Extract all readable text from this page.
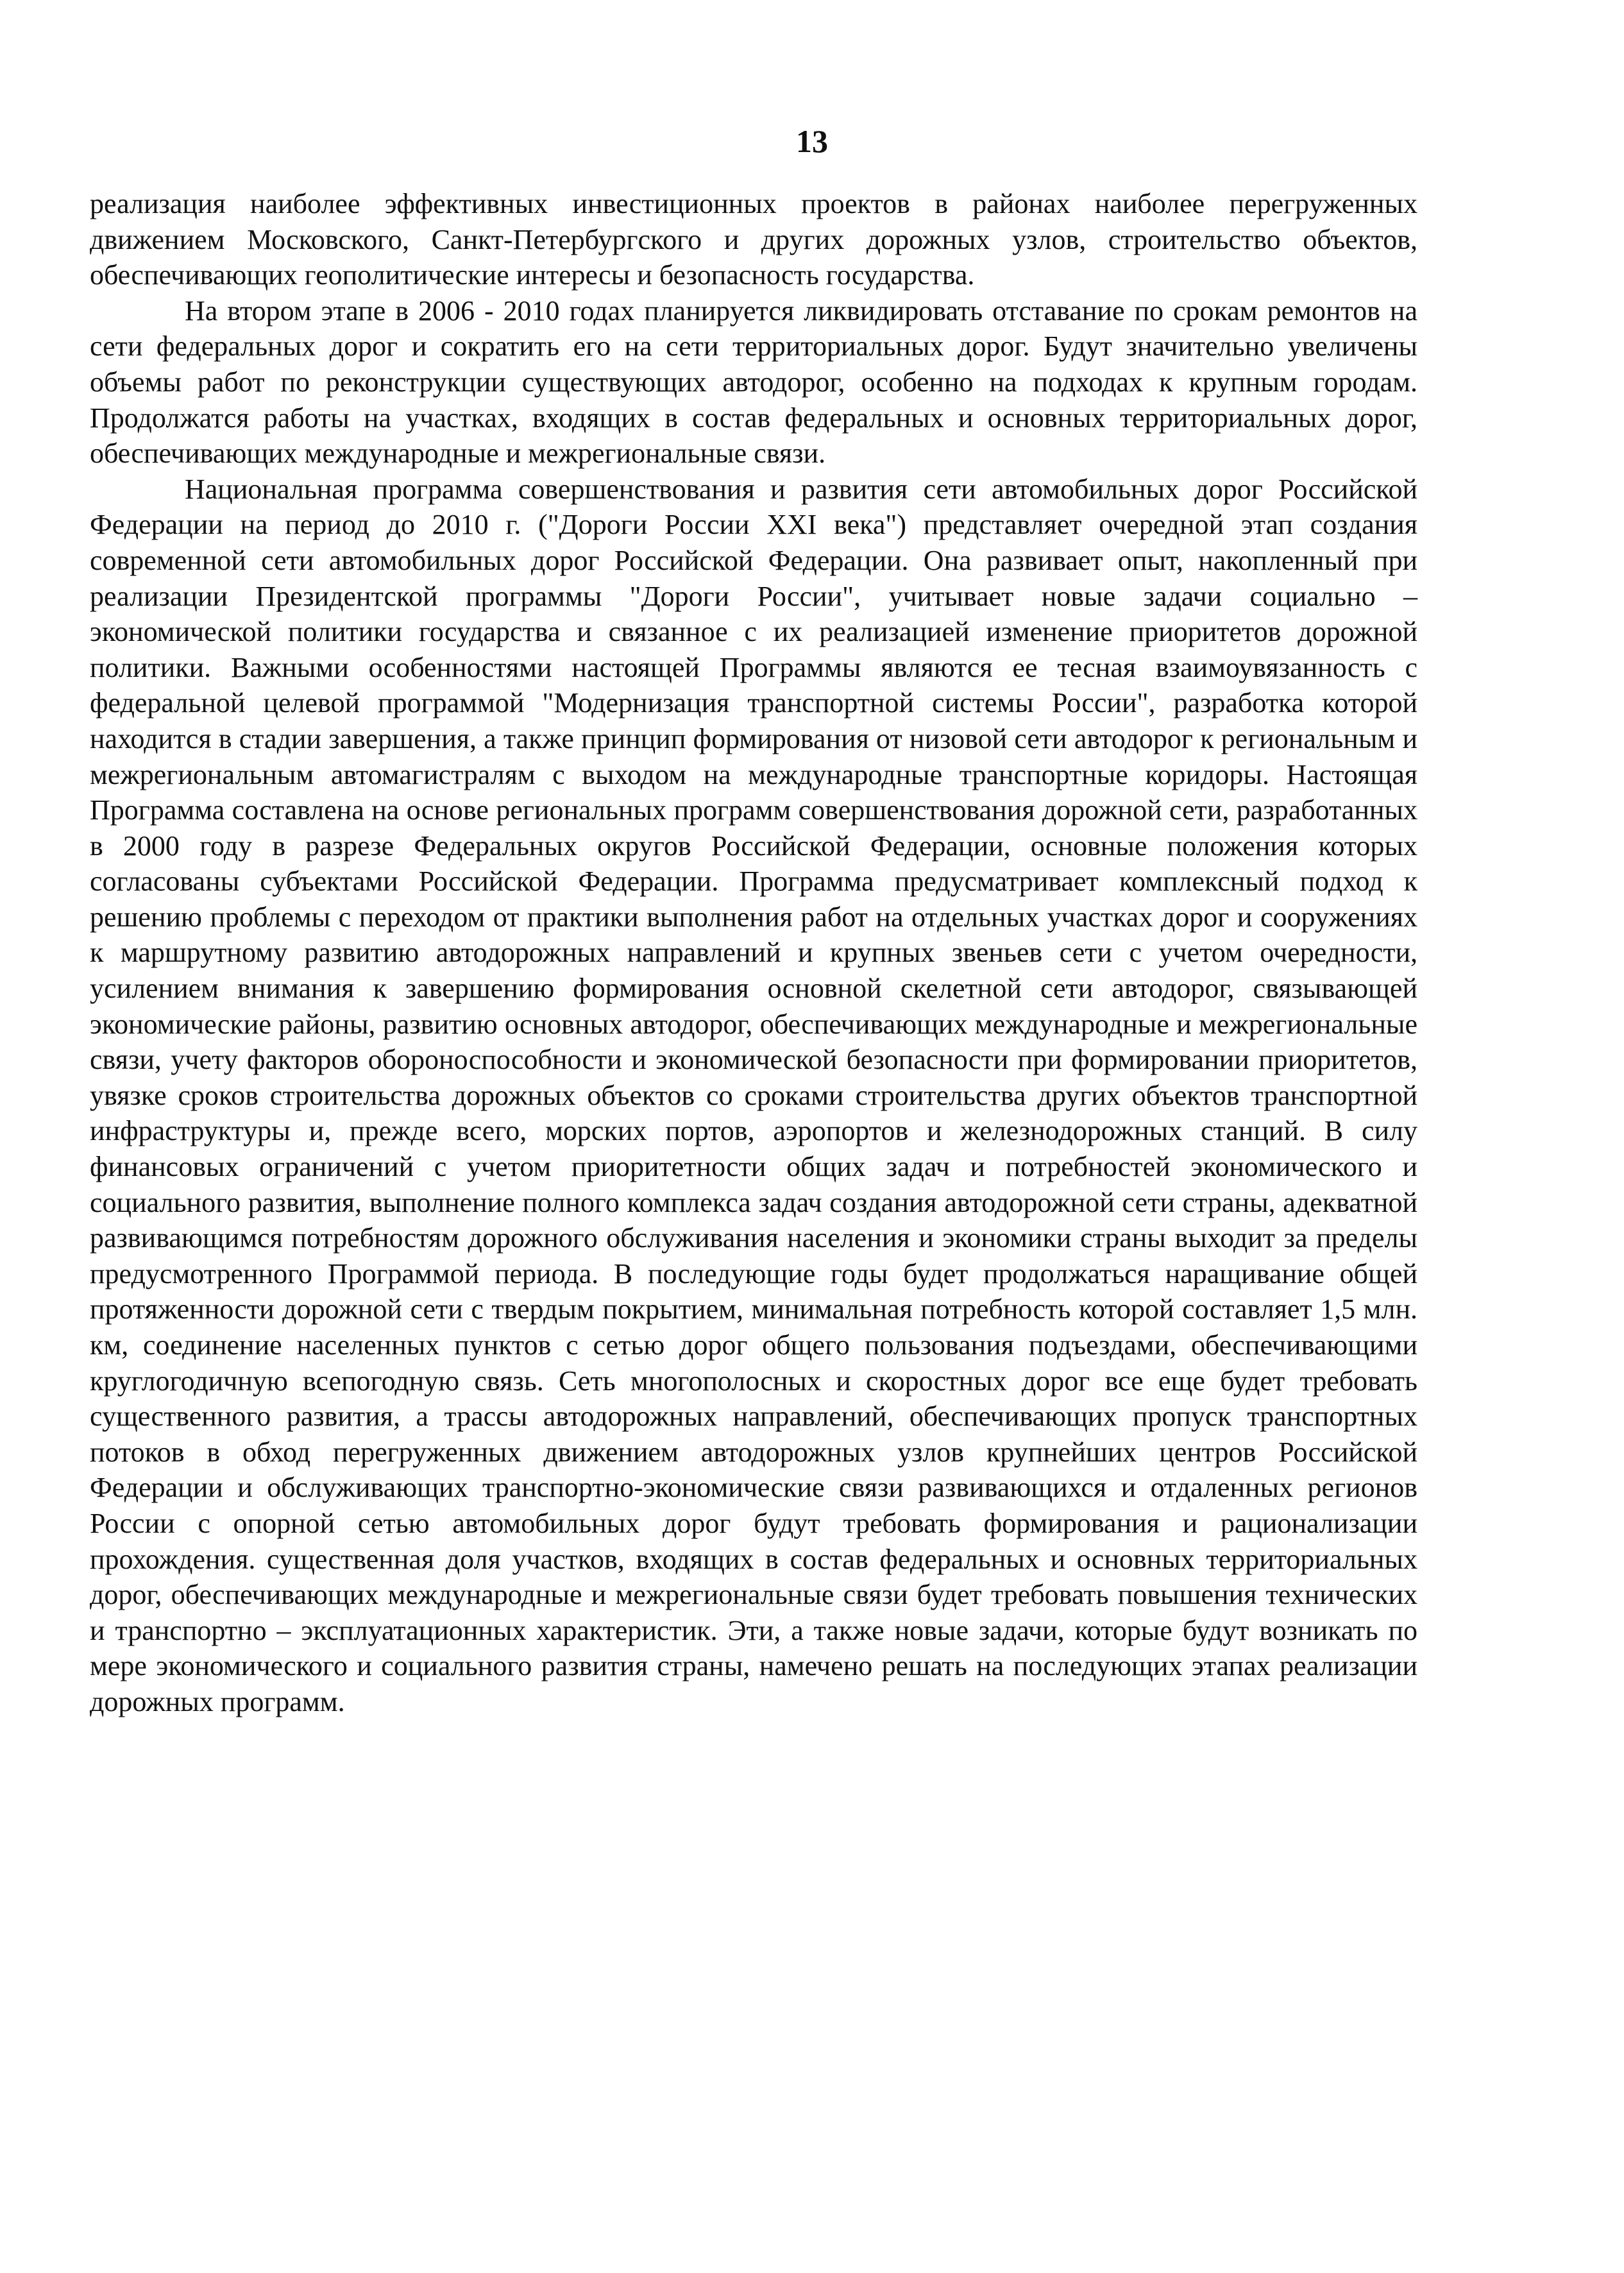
13

реализация наиболее эффективных инвестиционных проектов в районах наиболее перегруженных движением Московского, Санкт-Петербургского и других дорожных узлов, строительство объектов, обеспечивающих геополитические интересы и безопасность государства.

На втором этапе в 2006 - 2010 годах планируется ликвидировать отставание по срокам ремонтов на сети федеральных дорог и сократить его на сети территориальных дорог. Будут значительно увеличены объемы работ по реконструкции существующих автодорог, особенно на подходах к крупным городам. Продолжатся работы на участках, входящих в состав федеральных и основных территориальных дорог, обеспечивающих международные и межрегиональные связи.

Национальная программа совершенствования и развития сети автомобильных дорог Российской Федерации на период до 2010 г. ("Дороги России XXI века") представляет очередной этап создания современной сети автомобильных дорог Российской Федерации. Она развивает опыт, накопленный при реализации Президентской программы "Дороги России", учитывает новые задачи социально – экономической политики государства и связанное с их реализацией изменение приоритетов дорожной политики. Важными особенностями настоящей Программы являются ее тесная взаимоувязанность с федеральной целевой программой "Модернизация транспортной системы России", разработка которой находится в стадии завершения, а также принцип формирования от низовой сети автодорог к региональным и межрегиональным автомагистралям с выходом на международные транспортные коридоры. Настоящая Программа составлена на основе региональных программ совершенствования дорожной сети, разработанных в 2000 году в разрезе Федеральных округов Российской Федерации, основные положения которых согласованы субъектами Российской Федерации. Программа предусматривает комплексный подход к решению проблемы с переходом от практики выполнения работ на отдельных участках дорог и сооружениях к маршрутному развитию автодорожных направлений и крупных звеньев сети с учетом очередности, усилением внимания к завершению формирования основной скелетной сети автодорог, связывающей экономические районы, развитию основных автодорог, обеспечивающих международные и межрегиональные связи, учету факторов обороноспособности и экономической безопасности при формировании приоритетов, увязке сроков строительства дорожных объектов со сроками строительства других объектов транспортной инфраструктуры и, прежде всего, морских портов, аэропортов и железнодорожных станций. В силу финансовых ограничений с учетом приоритетности общих задач и потребностей экономического и социального развития, выполнение полного комплекса задач создания автодорожной сети страны, адекватной развивающимся потребностям дорожного обслуживания населения и экономики страны выходит за пределы предусмотренного Программой периода. В последующие годы будет продолжаться наращивание общей протяженности дорожной сети с твердым покрытием, минимальная потребность которой составляет 1,5 млн. км, соединение населенных пунктов с сетью дорог общего пользования подъездами, обеспечивающими круглогодичную всепогодную связь. Сеть многополосных и скоростных дорог все еще будет требовать существенного развития, а трассы автодорожных направлений, обеспечивающих пропуск транспортных потоков в обход перегруженных движением автодорожных узлов крупнейших центров Российской Федерации и обслуживающих транспортно-экономические связи развивающихся и отдаленных регионов России с опорной сетью автомобильных дорог будут требовать формирования и рационализации прохождения. существенная доля участков, входящих в состав федеральных и основных территориальных дорог, обеспечивающих международные и межрегиональные связи будет требовать повышения технических и транспортно – эксплуатационных характеристик. Эти, а также новые задачи, которые будут возникать по мере экономического и социального развития страны, намечено решать на последующих этапах реализации дорожных программ.
